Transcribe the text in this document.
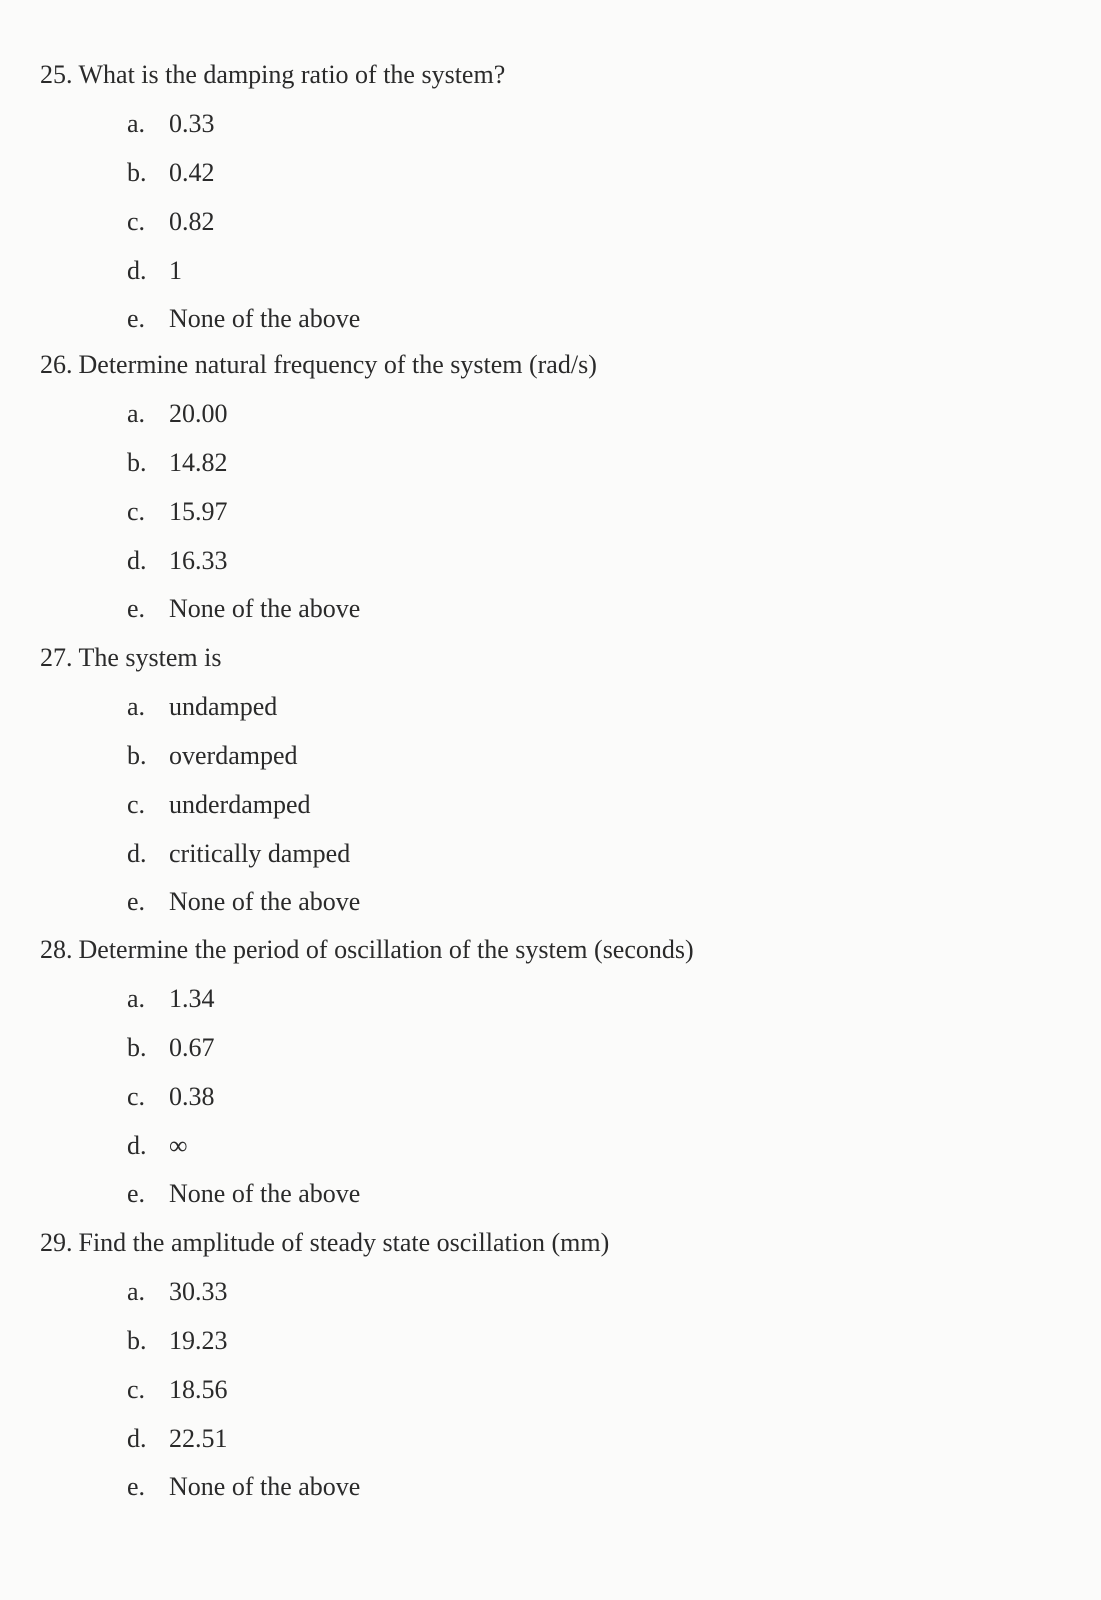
25. What is the damping ratio of the system?
a. 0.33
b. 0.42
c. 0.82
d. 1
e. None of the above
26. Determine natural frequency of the system (rad/s)
a. 20.00
b. 14.82
c. 15.97
d. 16.33
e. None of the above
27. The system is
a. undamped
b. overdamped
c. underdamped
d. critically damped
e. None of the above
28. Determine the period of oscillation of the system (seconds)
a. 1.34
b. 0.67
c. 0.38
d. ∞
e. None of the above
29. Find the amplitude of steady state oscillation (mm)
a. 30.33
b. 19.23
c. 18.56
d. 22.51
e. None of the above
